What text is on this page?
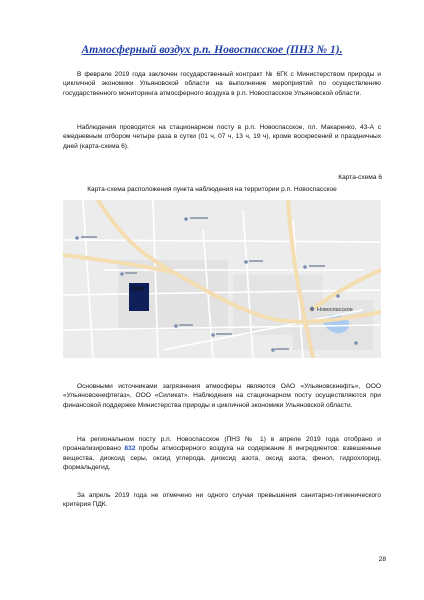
Атмосферный воздух р.п. Новоспасское (ПНЗ № 1).

В феврале 2019 года заключен государственный контракт № 6ГК с Министерством природы и цикличной экономики Ульяновской области на выполнение мероприятий по осуществлению государственного мониторинга атмосферного воздуха в р.п. Новоспасское Ульяновской области.

Наблюдения проводятся на стационарном посту в р.п. Новоспасское, пл. Макаренко, 43-А с ежедневным отбором четыре раза в сутки (01 ч, 07 ч, 13 ч, 19 ч), кроме воскресений и праздничных дней (карта-схема 6).

Карта-схема 6
Карта-схема расположения пункта наблюдения на территории р.п. Новоспасское
ПНЗ
Новоспасское

Основными источниками загрязнения атмосферы являются ОАО «Ульяновскнефть», ООО «Ульяновскнефтегаз», ООО «Силикат». Наблюдения на стационарном посту осуществляются при финансовой поддержке Министерства природы и цикличной экономики Ульяновской области.

На региональном посту р.п. Новоспасское (ПНЗ № 1) в апреле 2019 года отобрано и проанализировано 832 пробы атмосферного воздуха на содержание 8 ингредиентов: взвешенные вещества, диоксид серы, оксид углерода, диоксид азота, оксид азота, фенол, гидрохлорид, формальдегид.

За апрель 2019 года не отмечено ни одного случая превышения санитарно-гигиенического критерия ПДК.

28
